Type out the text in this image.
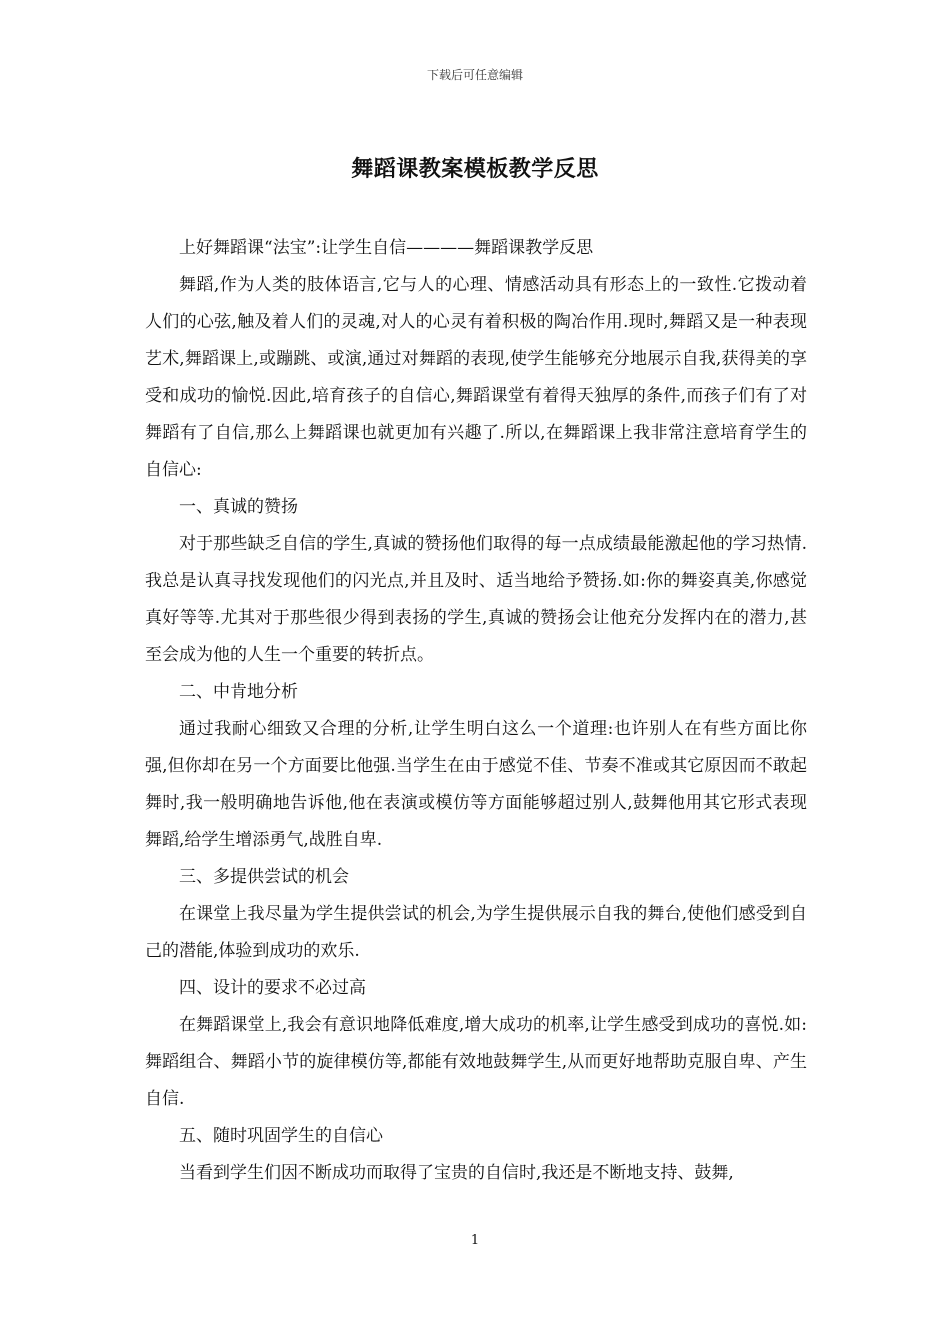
下载后可任意编辑
舞蹈课教案模板教学反思

上好舞蹈课“法宝”:让学生自信————舞蹈课教学反思

舞蹈,作为人类的肢体语言,它与人的心理、情感活动具有形态上的一致性.它拨动着人们的心弦,触及着人们的灵魂,对人的心灵有着积极的陶冶作用.现时,舞蹈又是一种表现艺术,舞蹈课上,或蹦跳、或演,通过对舞蹈的表现,使学生能够充分地展示自我,获得美的享受和成功的愉悦.因此,培育孩子的自信心,舞蹈课堂有着得天独厚的条件,而孩子们有了对舞蹈有了自信,那么上舞蹈课也就更加有兴趣了.所以,在舞蹈课上我非常注意培育学生的自信心:

一、真诚的赞扬

对于那些缺乏自信的学生,真诚的赞扬他们取得的每一点成绩最能激起他的学习热情.我总是认真寻找发现他们的闪光点,并且及时、适当地给予赞扬.如:你的舞姿真美,你感觉真好等等.尤其对于那些很少得到表扬的学生,真诚的赞扬会让他充分发挥内在的潜力,甚至会成为他的人生一个重要的转折点。

二、中肯地分析

通过我耐心细致又合理的分析,让学生明白这么一个道理:也许别人在有些方面比你强,但你却在另一个方面要比他强.当学生在由于感觉不佳、节奏不准或其它原因而不敢起舞时,我一般明确地告诉他,他在表演或模仿等方面能够超过别人,鼓舞他用其它形式表现舞蹈,给学生增添勇气,战胜自卑.

三、多提供尝试的机会

在课堂上我尽量为学生提供尝试的机会,为学生提供展示自我的舞台,使他们感受到自己的潜能,体验到成功的欢乐.

四、设计的要求不必过高

在舞蹈课堂上,我会有意识地降低难度,增大成功的机率,让学生感受到成功的喜悦.如:舞蹈组合、舞蹈小节的旋律模仿等,都能有效地鼓舞学生,从而更好地帮助克服自卑、产生自信.

五、随时巩固学生的自信心

当看到学生们因不断成功而取得了宝贵的自信时,我还是不断地支持、鼓舞,

1
